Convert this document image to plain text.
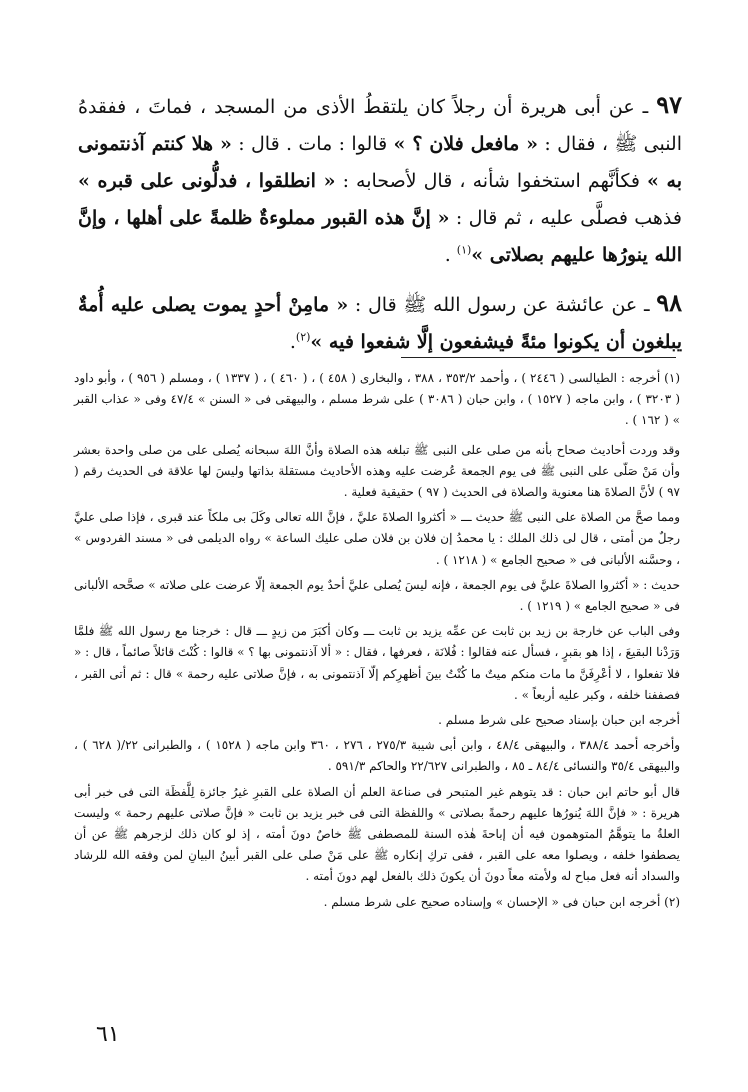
٩٧ ـ عن أبى هريرة أن رجلاً كان يلتقطُ الأذى من المسجد ، فماتَ ، ففقدهُ النبى ﷺ ، فقال : « مافعل فلان ؟ » قالوا : مات . قال : « هلا كنتم آذنتمونى به » فكأنَّهم استخفوا شأنه ، قال لأصحابه : « انطلقوا ، فدلُّونى على قبره » فذهب فصلَّى عليه ، ثم قال : « إنَّ هذه القبور مملوءةٌ ظلمةً على أهلها ، وإنَّ الله ينورُها عليهم بصلاتى »$^{(١)}$ .

٩٨ ـ عن عائشة عن رسول الله ﷺ قال : « مامِنْ أحدٍ يموت يصلى عليه أُمةٌ يبلغون أن يكونوا مئةً فيشفعون إلَّا شفعوا فيه »$^{(٢)}$.

(١) أخرجه : الطيالسى ( ٢٤٤٦ ) ، وأحمد ٣٥٣/٢ ، ٣٨٨ ، والبخارى ( ٤٥٨ ) ، ( ٤٦٠ ) ، ( ١٣٣٧ ) ، ومسلم ( ٩٥٦ ) ، وأبو داود ( ٣٢٠٣ ) ، وابن ماجه ( ١٥٢٧ ) ، وابن حبان ( ٣٠٨٦ ) على شرط مسلم ، والبيهقى فى « السنن » ٤٧/٤ وفى « عذاب القبر » ( ١٦٢ ) .

وقد وردت أحاديث صحاح بأنه من صلى على النبى ﷺ تبلغه هذه الصلاة وأنَّ اللهَ سبحانه يُصلى على من صلى واحدة بعشر وأن مَنْ صَلّى على النبى ﷺ فى يوم الجمعة عُرضت عليه وهذه الأحاديث مستقلة بذاتها وليسَ لها علاقة فى الحديث رقم ( ٩٧ ) لأنَّ الصلاةَ هنا معنوية والصلاة فى الحديث ( ٩٧ ) حقيقية فعلية .

ومما صحَّ من الصلاة على النبى ﷺ حديث ـــ « أكثروا الصلاةَ عليَّ ، فإنَّ الله تعالى وكَلَ بى ملكاً عند قبرى ، فإذا صلى عليَّ رجلٌ من أمتى ، قال لى ذلك الملك : يا محمدُ إن فلان بن فلان صلى عليك الساعة » رواه الديلمى فى « مسند الفردوس » ، وحسَّنه الألبانى فى « صحيح الجامع » ( ١٢١٨ ) .

حديث : « أكثروا الصلاةَ عليَّ فى يوم الجمعة ، فإنه ليسَ يُصلى عليَّ أحدٌ يوم الجمعة إلّا عرضت على صلاته » صحَّحه الألبانى فى « صحيح الجامع » ( ١٢١٩ ) .

وفى الباب عن خارجة بن زيد بن ثابت عن عمِّه يزيد بن ثابت ـــ وكان أكبَرَ من زيدٍ ـــ قال : خرجنا مع رسول الله ﷺ فلمَّا وَرَدْنا البقيعَ ، إذا هو بقبرٍ ، فسأل عنه فقالوا : فُلانَة ، فعرفها ، فقال : « ألا آذنتمونى بها ؟ » قالوا : كُنْتَ قائلاً صائماً ، قال : « فلا تفعلوا ، لا أعْرِفَنَّ ما مات منكم ميتٌ ما كُنْتُ بينَ أظهرِكم إلّا آذنتمونى به ، فإنَّ صلاتى عليه رحمة » قال : ثم أتى القبر ، فصففنا خلفه ، وكبر عليه أربعاً » .

أخرجه ابن حبان بإسناد صحيح على شرط مسلم .

وأخرجه أحمد ٣٨٨/٤ ، والبيهقى ٤٨/٤ ، وابن أبى شيبة ٢٧٥/٣ ، ٢٧٦ ، ٣٦٠ وابن ماجه ( ١٥٢٨ ) ، والطبرانى ٢٢/( ٦٢٨ ) ، والبيهقى ٣٥/٤ والنسائى ٨٤/٤ ـ ٨٥ ، والطبرانى ٢٢/٦٢٧ والحاكم ٥٩١/٣ .

قال أبو حاتم ابن حبان : قد يتوهم غير المتبحر فى صناعة العلم أن الصلاة على القبرِ غيرُ جائزة لِلَّفظَة التى فى خبر أبى هريرة : « فإنَّ اللهَ يُنورُها عليهم رحمةً بصلاتى » واللفظة التى فى خبر يزيد بن ثابت « فإنَّ صلاتى عليهم رحمة » وليست العلةُ ما يتوهَّمُ المتوهمون فيه أن إباحةَ هٰذه السنة للمصطفى ﷺ خاصٌ دونَ أمته ، إذ لو كان ذلك لزجرهم ﷺ عن أن يصطفوا خلفه ، ويصلوا معه على القبر ، ففى تركِ إنكاره ﷺ على مَنْ صلى على القبر أبينُ البيانِ لمن وفقه الله للرشاد والسداد أنه فعل مباح له ولأمته معاً دونَ أن يكونَ ذلك بالفعل لهم دونَ أمته .

(٢) أخرجه ابن حبان فى « الإحسان » وإسناده صحيح على شرط مسلم .

٦١
